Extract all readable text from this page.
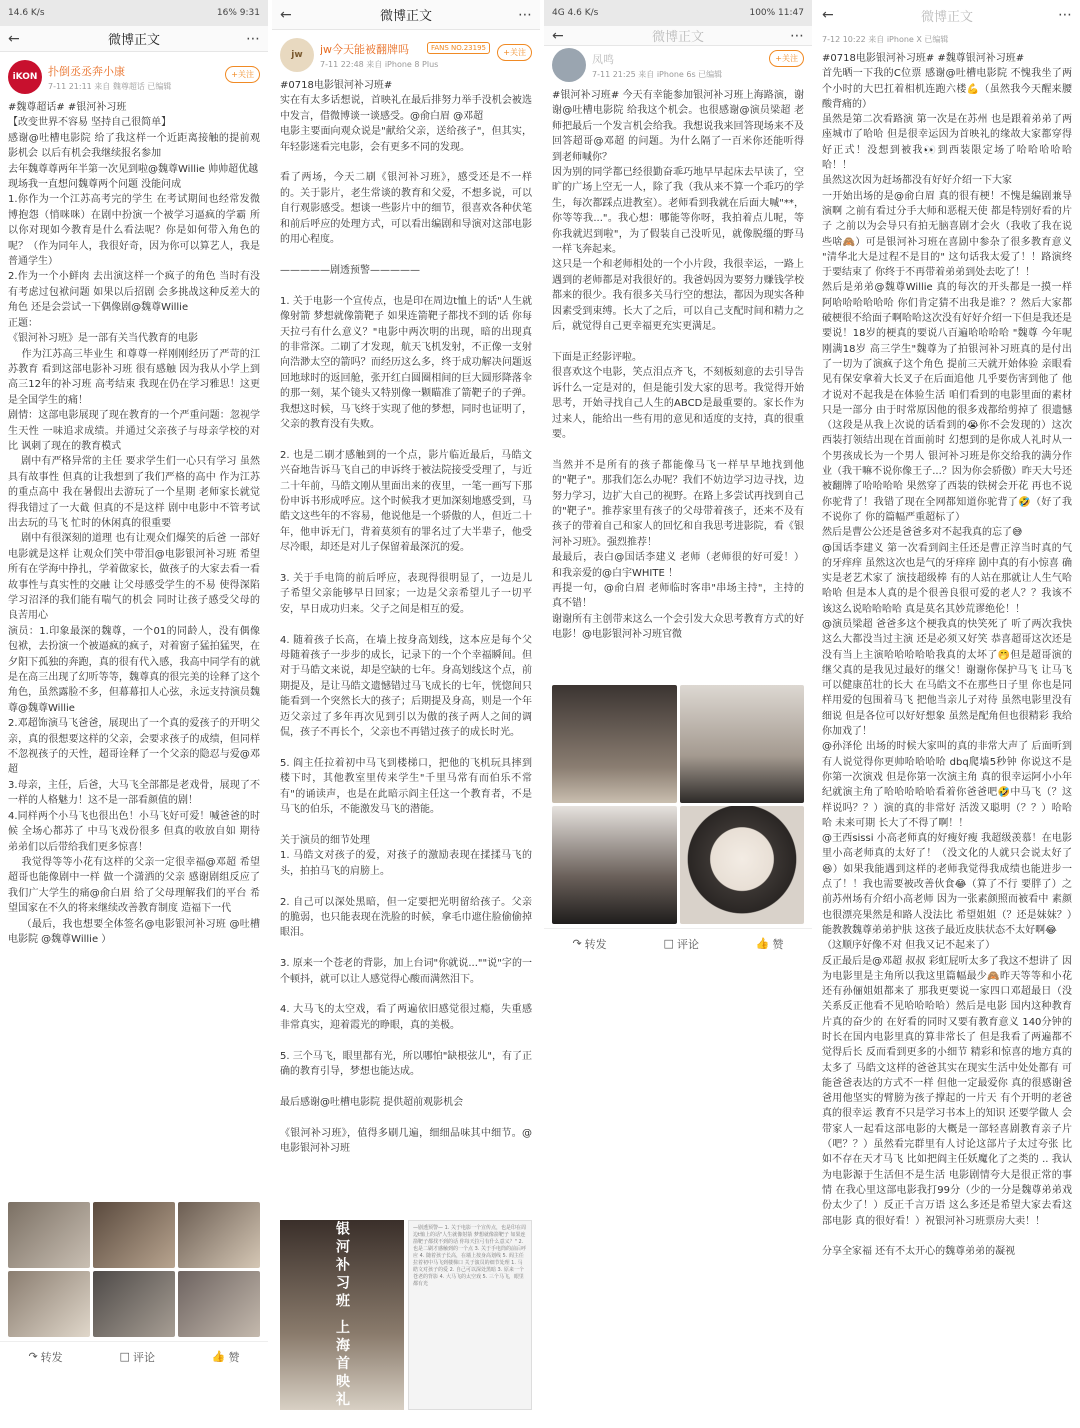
14.6 K/s	16% 9:31
←	微博正文	⋯
iKON 扑倒丞丞奔小康
7-11 21:11 来自 魏尊超话 已编辑
+关注
#魏尊超话# #银河补习班
【改变世界不容易 坚持自己很简单】
感谢@吐槽电影院 给了我这样一个近距离接触的提前观影机会 以后有机会我继续报名参加
去年魏尊尊两年半第一次见到啦@魏尊Willie 帅帅超优越
现场我一直想问魏尊两个问题 没能问成
1.你作为一个江苏高考完的学生 在考试期间也经常发微博抱怨（悄咪咪）在剧中扮演一个被学习逼疯的学霸 所以你对现如今教育是什么看法呢？你是如何带入角色的呢？（作为同年人，我很好奇，因为你可以算艺人，我是普通学生）
2.作为一个小鲜肉 去出演这样一个疯子的角色 当时有没有考虑过包袱问题 如果以后招剧 会多挑战这种反差大的角色 还是会尝试一下偶像剧@魏尊Willie
正题：
《银河补习班》是一部有关当代教育的电影
作为江苏高三毕业生 和尊尊一样刚刚经历了严苛的江苏教育 看到这部电影补习班 很有感触 因为我从小学上到高三12年的补习班 高考结束 我现在仍在学习雅思！这更是全国学生的痛！
剧情：这部电影展现了现在教育的一个严重问题：忽视学生天性 一味追求成绩。并通过父亲孩子与母亲学校的对比 讽刺了现在的教育模式
剧中有严格异常的主任 要求学生们一心只有学习 虽然具有故事性 但真的让我想到了我们严格的高中 作为江苏的重点高中 我在暑假出去游玩了一个星期 老师家长就觉得我错过了一大截 但真的不是这样 剧中电影中不管考试出去玩的马飞 忙时的休闲真的很重要
剧中有很深刻的道理 也有让观众们爆笑的后爸 一部好电影就是这样 让观众们笑中带泪@电影银河补习班 希望所有在学海中挣扎，学着做家长，做孩子的大家去看一看 故事性与真实性的交融 让父母感受学生的不易 使得深陷学习沼泽的我们能有喘气的机会 同时让孩子感受父母的良苦用心
演员：1.印象最深的魏尊，一个01的同龄人，没有偶像包袱，去扮演一个被逼疯的疯子，对着窗子猛拍猛哭，在夕阳下孤独的奔跑，真的很有代入感，我高中同学有的就是在高三出现了幻听等等，魏尊真的很完美的诠释了这个角色，虽然露脸不多，但幕幕扣人心弦，永远支持演员魏尊@魏尊Willie
2.邓超饰演马飞爸爸，展现出了一个真的爱孩子的开明父亲，真的很想要这样的父亲，会要求孩子的成绩，但同样不忽视孩子的天性，超哥诠释了一个父亲的隐忍与爱@邓超
3.母亲，主任，后爸，大马飞全部都是老戏骨，展现了不一样的人格魅力！这不是一部看颜值的剧！
4.同样两个小马飞也很出色！小马飞好可爱！喊爸爸的时候 全场心都苏了 中马飞戏份很多 但真的收放自如 期待弟弟们以后带给我们更多惊喜！
我觉得等等小花有这样的父亲一定很幸福@邓超 希望超哥也能像剧中一样 做一个潇洒的父亲 感谢剧组反应了我们广大学生的痛@俞白眉 给了父母理解我们的平台 希望国家在不久的将来继续改善教育制度 造福下一代
（最后，我也想要全体签名@电影银河补习班 @吐槽电影院 @魏尊Willie ）
↷ 转发	□ 评论	👍 赞
←	微博正文	⋯
jw	jw今天能被翻牌吗
7-11 22:48 来自 iPhone 8 Plus
FANS NO.23195	+关注
#0718电影银河补习班#
实在有太多话想说，首映礼在最后排努力举手没机会被选中发言，借微博谈一谈感受。@俞白眉 @邓超
电影主要面向观众说是"献给父亲，送给孩子"，但其实，年轻影迷看完电影，会有更多不同的发现。

看了两场，今天二刷《银河补习班》，感受还是不一样的。关于影片，老生常谈的教育和父爱，不想多说，可以自行观影感受。想谈一些影片中的细节，很喜欢各种伏笔和前后呼应的处理方式，可以看出编剧和导演对这部电影的用心程度。

—————剧透预警—————

1. 关于电影一个宣传点，也是印在周边t恤上的话"人生就像射箭 梦想就像箭靶子 如果连箭靶子都找不到的话 你每天拉弓有什么意义？"电影中两次明的出现，暗的出现真的非常深。二刷了才发现，航天飞机发射，不正像一支射向浩渺太空的箭吗？而经历这么多，终于成功解决问题返回地球时的返回舱，张开红白圆圈相间的巨大圆形降落伞的那一刻，某个镜头又特别像一颗瞄准了箭靶子的子弹。我想这时候，马飞终于实现了他的梦想，同时也证明了，父亲的教育没有失败。

2. 也是二刷才感触到的一个点，影片临近最后，马皓文兴奋地告诉马飞自己的申诉终于被法院接受受理了，与近二十年前，马皓文刚从里面出来的夜里，一笔一画写下那份申诉书形成呼应。这个时候我才更加深刻地感受到，马皓文这些年的不容易，他说他是一个骄傲的人，但近二十年，他申诉无门，背着莫须有的罪名过了大半辈子，他受尽冷眼，却还是对儿子保留着最深沉的爱。

3. 关于手电筒的前后呼应，表现得很明显了，一边是儿子希望父亲能够早日回家；一边是父亲希望儿子一切平安，早日成功归来。父子之间是相互的爱。

4. 随着孩子长高，在墙上按身高划线，这本应是每个父母随着孩子一步步的成长，记录下的一个个幸福瞬间。但对于马皓文来说，却是空缺的七年。身高划线这个点，前期提及，是让马皓文遗憾错过马飞成长的七年，恍惚间只能看到一个突然长大的孩子；后期提及身高，则是一个年迈父亲过了多年再次见到引以为傲的孩子两人之间的调侃，孩子不再长个，父亲也不再错过孩子的成长时光。

5. 阎主任拉着初中马飞到楼梯口，把他的飞机玩具摔到楼下时，其他教室里传来学生"千里马常有而伯乐不常有"的诵读声，也是在此暗示阎主任这一个教育者，不是马飞的伯乐，不能激发马飞的潜能。

关于演员的细节处理
1. 马皓文对孩子的爱，对孩子的激励表现在揉揉马飞的头，拍拍马飞的肩膀上。

2. 自己可以深处黑暗，但一定要把光明留给孩子。父亲的脆弱，也只能表现在洗脸的时候，拿毛巾遮住脸偷偷掉眼泪。

3. 原来一个苍老的背影，加上台词"你就说...""说"字的一个顿抖，就可以让人感觉得心酸而满然泪下。

4. 大马飞的太空戏，看了两遍依旧感觉很过瘾，失重感非常真实，迎着霞光的睁眼，真的美极。

5. 三个马飞，眼里都有光，所以哪怕"缺根弦儿"，有了正确的教育引导，梦想也能达成。

最后感谢@吐槽电影院 提供超前观影机会

《银河补习班》，值得多刷几遍，细细品味其中细节。@电影银河补习班
银河补习班 上海首映礼	—剧透预警— 1. 关于电影一个宣传点，也是印在周边t恤上的话"人生就像射箭 梦想就像箭靶子 如果连箭靶子都找不到的话 你每天拉弓有什么意义？" 2. 也是二刷才感触到的一个点 3. 关于手电筒的前后呼应 4. 随着孩子长高，在墙上按身高划线 5. 阎主任拉着初中马飞到楼梯口 关于演员的细节处理 1. 马皓文对孩子的爱 2. 自己可以深处黑暗 3. 原来一个苍老的背影 4. 大马飞的太空戏 5. 三个马飞，眼里都有光
4G 4.6 K/s	100% 11:47
←	微博正文	⋯
凤鸣
7-11 21:25 来自 iPhone 6s 已编辑
+关注
#银河补习班# 今天有幸能参加银河补习班上海路演，谢谢@吐槽电影院 给我这个机会。也很感谢@演员梁超 老师把最后一个发言机会给我。我想说我来回答现场来不及回答超哥@邓超 的问题。为什么隔了一百米你还能听得到老师喊你？
因为别的同学都已经很勤奋乖巧地早早起床去早读了，空旷的广场上空无一人，除了我（我从来不算一个乖巧的学生，每次都踩点进教室）。老师看到我就在后面大喊"**，你等等我..."。我心想：哪能等你呀，我拍着点儿呢，等你我就迟到啦"，为了假装自己没听见，就像脱缰的野马一样飞奔起来。
这只是一个和老师相处的一个小片段，我很幸运，一路上遇到的老师都是对我很好的。我爸妈因为要努力赚钱学校都来的很少。我有很多关马行空的想法，都因为现实各种因素受到束缚。长大了之后，可以自己支配时间和精力之后，就觉得自己更幸福更充实更满足。

下面是正经影评啦。
很喜欢这个电影，笑点泪点齐飞，不刻板刻意的去引导告诉什么一定是对的，但是能引发大家的思考。我觉得开始思考，开始寻找自己人生的ABCD是最重要的。家长作为过来人，能给出一些有用的意见和适度的支持，真的很重要。

当然并不是所有的孩子都能像马飞一样早早地找到他的"靶子"。那我们怎么办呢？我们不妨边学习边寻找，边努力学习，边扩大自己的视野。在路上多尝试再找到自己的"靶子"。推荐家里有孩子的父母带着孩子，还来不及有孩子的带着自己和家人的回忆和自我思考进影院，看《银河补习班》。强烈推荐！
最最后，表白@国话李建义 老师（老师很的好可爱！）和我亲爱的@白宇WHITE ！
再提一句，@俞白眉 老师临时客串"串场主持"，主持的真不错！
谢谢所有主创带来这么一个会引发大众思考教育方式的好电影！@电影银河补习班官微
↷ 转发	□ 评论	👍 赞
←	微博正文	⋯
7-12 10:22 来自 iPhone X 已编辑
#0718电影银河补习班# #魏尊银河补习班#
首先晒一下我的C位票 感谢@吐槽电影院 不愧我坐了两个小时的大巴扛着相机连跑六楼💪（虽然我今天醒来腰酸背痛的）
虽然是第二次看路演 第一次是在苏州 也是跟着弟弟了两座城市了哈哈 但是很幸运因为首映礼的缘故大家都穿得好正式！没想到被我👀到西装限定场了哈哈哈哈哈哈！！
虽然这次因为赶场都没有好好介绍一下大家
一开始出场的是@俞白眉 真的很有梗！不愧是编剧兼导演啊 之前有看过分手大师和恶棍天使 都是特别好看的片子 之前以为会导只有拍无脑喜剧才会火（我收了我在说些啥🙈）可是银河补习班在喜剧中参杂了很多教育意义 "清华北大是过程不是目的" 这句话我太爱了！！路演终于要结束了 你终于不再带着弟弟到处去吃了！！
然后是弟弟@魏尊Willie 真的每次的开头都是一摸一样阿哈哈哈哈哈哈 你们肯定猜不出我是谁？？然后大家都破梗很不给面子啊哈哈这次没有好好介绍一下但是我还是要说！18岁的梗真的要说八百遍哈哈哈哈 "魏尊 今年呢刚满18岁 高三学生"魏尊为了拍银河补习班真的是付出了一切为了演疯子这个角色 提前三天就开始体验 亲眼看见有保安拿着大长叉子在后面追他 几乎要伤害到他了 他才说对不起我是在体验生活 咱们看到的电影里面的素材只是一部分 由于时常原因他的很多戏都给剪掉了 很遗憾（这段是从我上次说的话看到的😭你不会发现的）这次西装打领结出现在首面前时 幻想到的是你成人礼时从一个男孩成长为一个男人 银河补习班是你交给我的满分作业（我干嘛不说你像王子...？因为你会骄傲）昨天大号还被翻牌了哈哈哈哈 果然穿了西装的铁树会开花 再也不说你驼背了！我错了现在全网都知道你驼背了🤣（好了我不说你了 你的篇幅严重超标了）
然后是曹公公还是爸爸多对不起我真的忘了😅
@国话李建义 第一次看到阎主任还是曹正淳当时真的气的牙痒痒 虽然这次也是气的牙痒痒 剧中真的有小惊喜 确实是老艺术家了 演技超级棒 有的人站在那就让人生气哈哈哈 但是本人真的是个很善良很可爱的老人？？我该不该这么说哈哈哈哈 真是莫名其妙荒谬绝伦！！
@演员梁超 爸爸多这个梗我真的快笑死了 听了两次我快这么大都没当过主演 还是必须又好笑 恭喜超哥这次还是没有当上主演哈哈哈哈哈我真的太坏了🤭但是超哥演的继父真的是我见过最好的继父！谢谢你保护马飞 让马飞可以健康茁壮的长大 在马皓文不在那些日子里 你也是同样用爱的包围着马飞 把他当亲儿子对待 虽然电影里没有细说 但是各位可以好好想象 虽然是配角但也很精彩 我给你加戏了！
@孙泽伦 出场的时候大家叫的真的非常大声了 后面听到有人说觉得你更帅哈哈哈哈 dbq爬墙5秒钟 你说这不是你第一次演戏 但是你第一次演主角 真的很幸运阿小小年纪就演主角了哈哈哈哈哈看着你爸爸吧🤣中马飞（？这样说吗？？）演的真的非常好 活泼又聪明（？？）哈哈哈 未来可期 长大了不得了啊！！
@王西sissi 小高老师真的好瘦好瘦 我超级羡慕！在电影里小高老师真的太好了！（没文化的人就只会说太好了😆）如果我能遇到这样的老师我觉得我成绩也能进步一点了！！我也需要被改善伙食😂（算了不行 要胖了）之前苏州场有介绍小高老师 因为一张素颜照而被看中 素颜也很漂亮果然是和路人没法比 希望姐姐（？还是妹妹？）能教教魏尊弟弟护肤 这孩子最近皮肤状态不太好啊😂
（这顺序好像不对 但我又记不起来了）
反正最后是@邓超 叔叔 彩虹屁听太多了我这不想讲了 因为电影里是主角所以我这里篇幅最少🙈昨天等等和小花还有孙俪姐姐都来了 那我更要说一家四口邓超最日（没关系反正他看不见哈哈哈哈）然后是电影 国内这种教育片真的奋少的 在好看的同时又要有教育意义 140分钟的时长在国内电影里真的算非常长了 但是我看了两遍都不觉得后长 反而看到更多的小细节 精彩和惊喜的地方真的太多了 马皓文这样的爸爸其实在现实生活中处处都有 可能爸爸表达的方式不一样 但他一定最爱你 真的很感谢爸爸用他坚实的臂膀为孩子撑起的一片天 有个开明的老爸真的很幸运 教育不只是学习书本上的知识 还要学做人 会带家人一起看这部电影的大概是一部轻喜剧教育亲子片（吧？？）虽然看完群里有人讨论这部片子太过夸张 比如不存在天才马飞 比如把阎主任妖魔化了之类的 .. 我认为电影源于生活但不是生活 电影剧情夸大是很正常的事情 在我心里这部电影我打99分（少的一分是魏尊弟弟戏份太少了！）反正千言万语 这么多还是希望大家去看这部电影 真的很好看！）祝银河补习班票房大卖！！

分享全家福 还有不太开心的魏尊弟弟的凝视
